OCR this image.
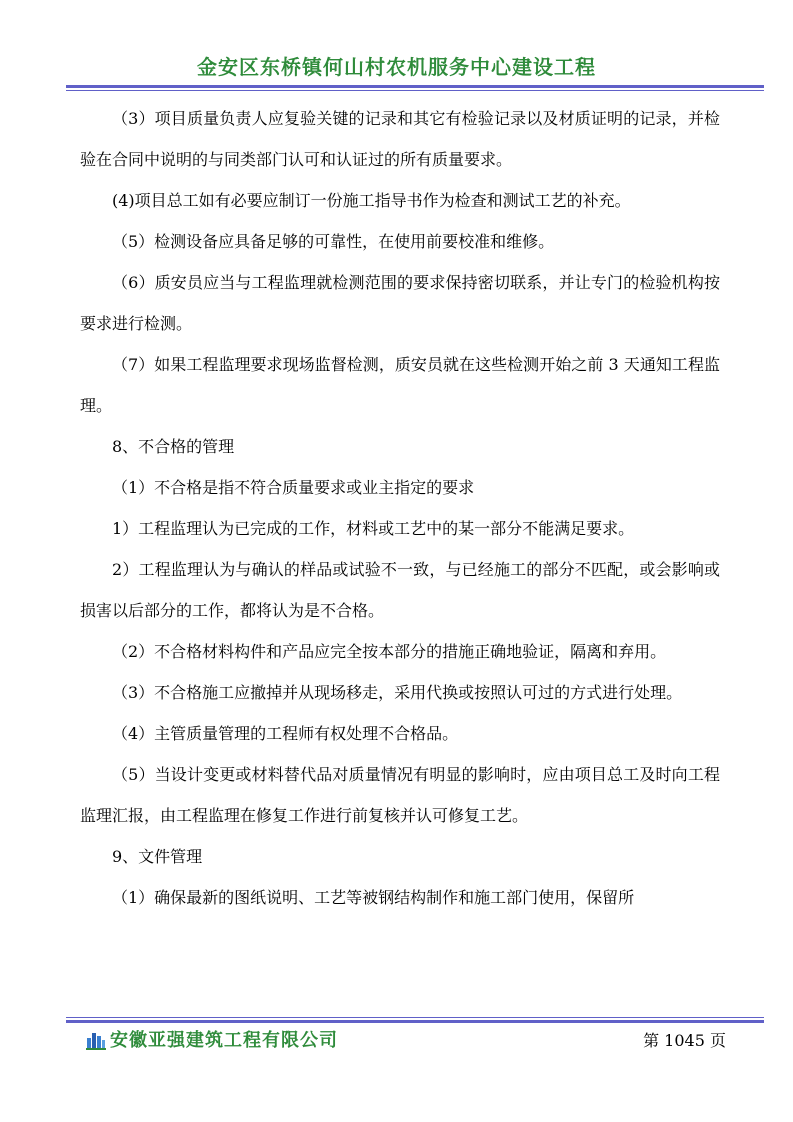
金安区东桥镇何山村农机服务中心建设工程

（3）项目质量负责人应复验关键的记录和其它有检验记录以及材质证明的记录，并检验在合同中说明的与同类部门认可和认证过的所有质量要求。

(4)项目总工如有必要应制订一份施工指导书作为检查和测试工艺的补充。

（5）检测设备应具备足够的可靠性，在使用前要校准和维修。

（6）质安员应当与工程监理就检测范围的要求保持密切联系，并让专门的检验机构按要求进行检测。

（7）如果工程监理要求现场监督检测，质安员就在这些检测开始之前 3 天通知工程监理。

8、不合格的管理

（1）不合格是指不符合质量要求或业主指定的要求

1）工程监理认为已完成的工作，材料或工艺中的某一部分不能满足要求。

2）工程监理认为与确认的样品或试验不一致，与已经施工的部分不匹配，或会影响或损害以后部分的工作，都将认为是不合格。

（2）不合格材料构件和产品应完全按本部分的措施正确地验证，隔离和弃用。

（3）不合格施工应撤掉并从现场移走，采用代换或按照认可过的方式进行处理。

（4）主管质量管理的工程师有权处理不合格品。

（5）当设计变更或材料替代品对质量情况有明显的影响时，应由项目总工及时向工程监理汇报，由工程监理在修复工作进行前复核并认可修复工艺。

9、文件管理

（1）确保最新的图纸说明、工艺等被钢结构制作和施工部门使用，保留所

安徽亚强建筑工程有限公司	第 1045 页
